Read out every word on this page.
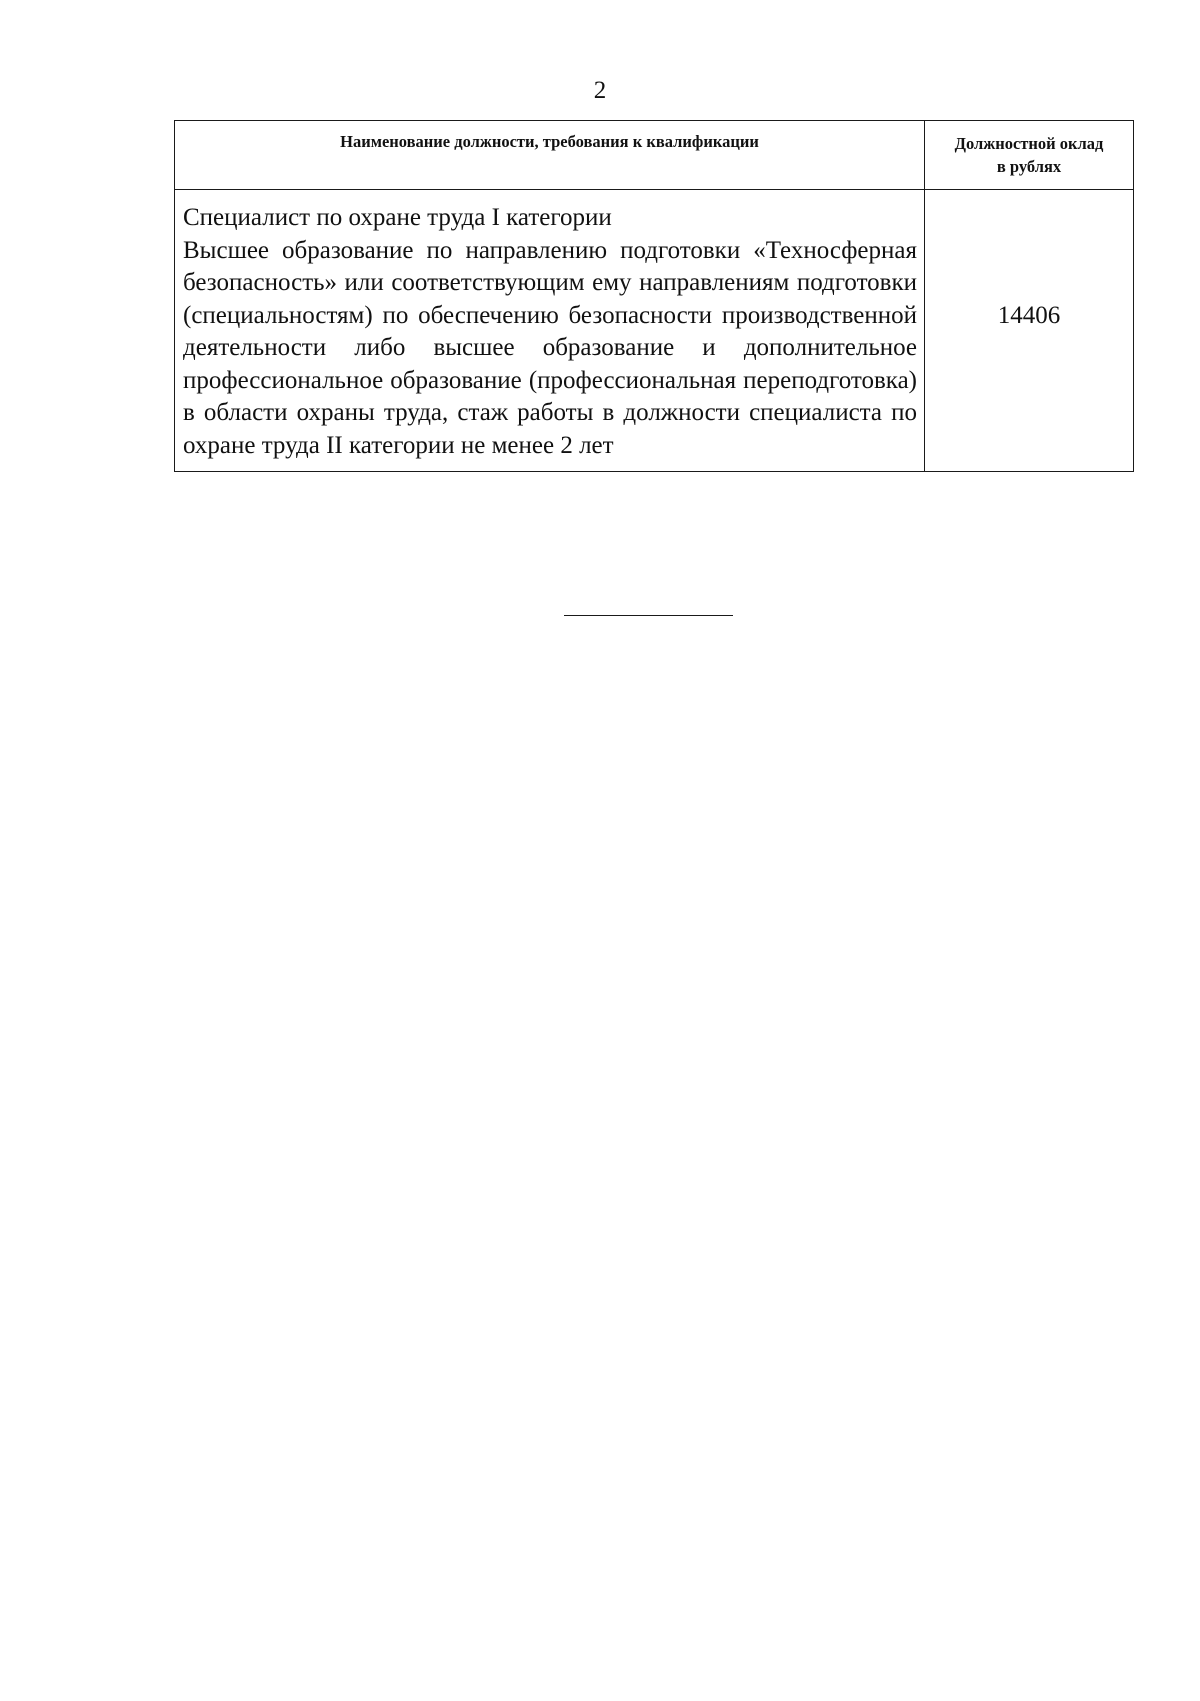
2
Наименование должности, требования к квалификации	Должностной оклад
в рублях

Специалист по охране труда I категории
Высшее образование по направлению подготовки «Техносферная безопасность» или соответствующим ему направлениям подготовки (специальностям) по обеспечению безопасности производственной деятельности либо высшее образование и дополнительное профессиональное образование (профессиональная переподготовка) в области охраны труда, стаж работы в должности специалиста по охране труда II категории не менее 2 лет	14406
